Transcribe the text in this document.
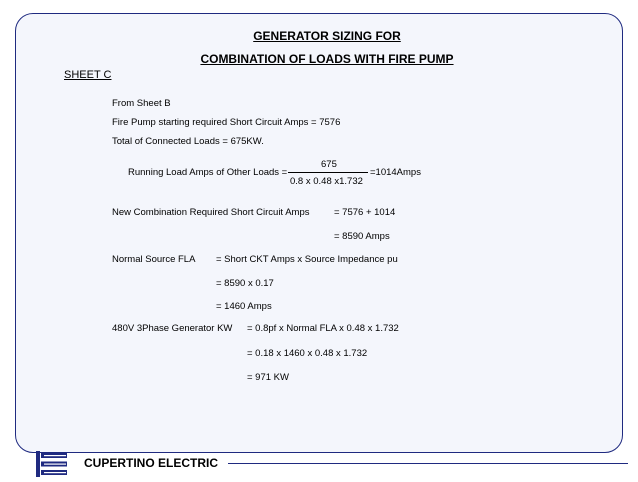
GENERATOR SIZING FOR
COMBINATION OF LOADS WITH FIRE PUMP
SHEET C
From Sheet B
Fire Pump starting required Short Circuit Amps = 7576
Total of Connected Loads = 675KW.
Running Load Amps of Other Loads =
675
0.8 x 0.48 x1.732
=1014Amps
New Combination Required Short Circuit Amps	= 7576 + 1014
= 8590 Amps
Normal Source FLA = Short CKT Amps x Source Impedance pu
= 8590 x 0.17
= 1460 Amps
480V 3Phase Generator KW = 0.8pf x Normal FLA x 0.48 x 1.732
= 0.18 x 1460 x 0.48 x 1.732
= 971 KW
CUPERTINO ELECTRIC
